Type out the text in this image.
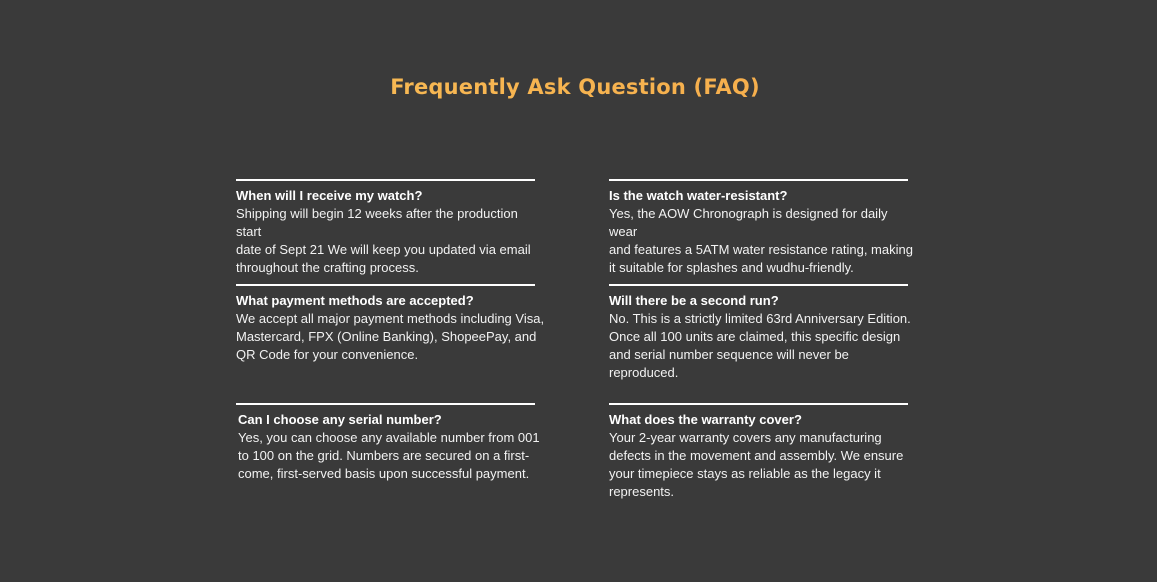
Frequently Ask Question (FAQ)

When will I receive my watch?

Shipping will begin 12 weeks after the production start
date of Sept 21 We will keep you updated via email
throughout the crafting process.

Is the watch water-resistant?

Yes, the AOW Chronograph is designed for daily wear
and features a 5ATM water resistance rating, making
it suitable for splashes and wudhu-friendly.

What payment methods are accepted?

We accept all major payment methods including Visa,
Mastercard, FPX (Online Banking), ShopeePay, and
QR Code for your convenience.

Will there be a second run?

No. This is a strictly limited 63rd Anniversary Edition.
Once all 100 units are claimed, this specific design
and serial number sequence will never be
reproduced.

Can I choose any serial number?

Yes, you can choose any available number from 001
to 100 on the grid. Numbers are secured on a first-
come, first-served basis upon successful payment.

What does the warranty cover?

Your 2-year warranty covers any manufacturing
defects in the movement and assembly. We ensure
your timepiece stays as reliable as the legacy it
represents.
